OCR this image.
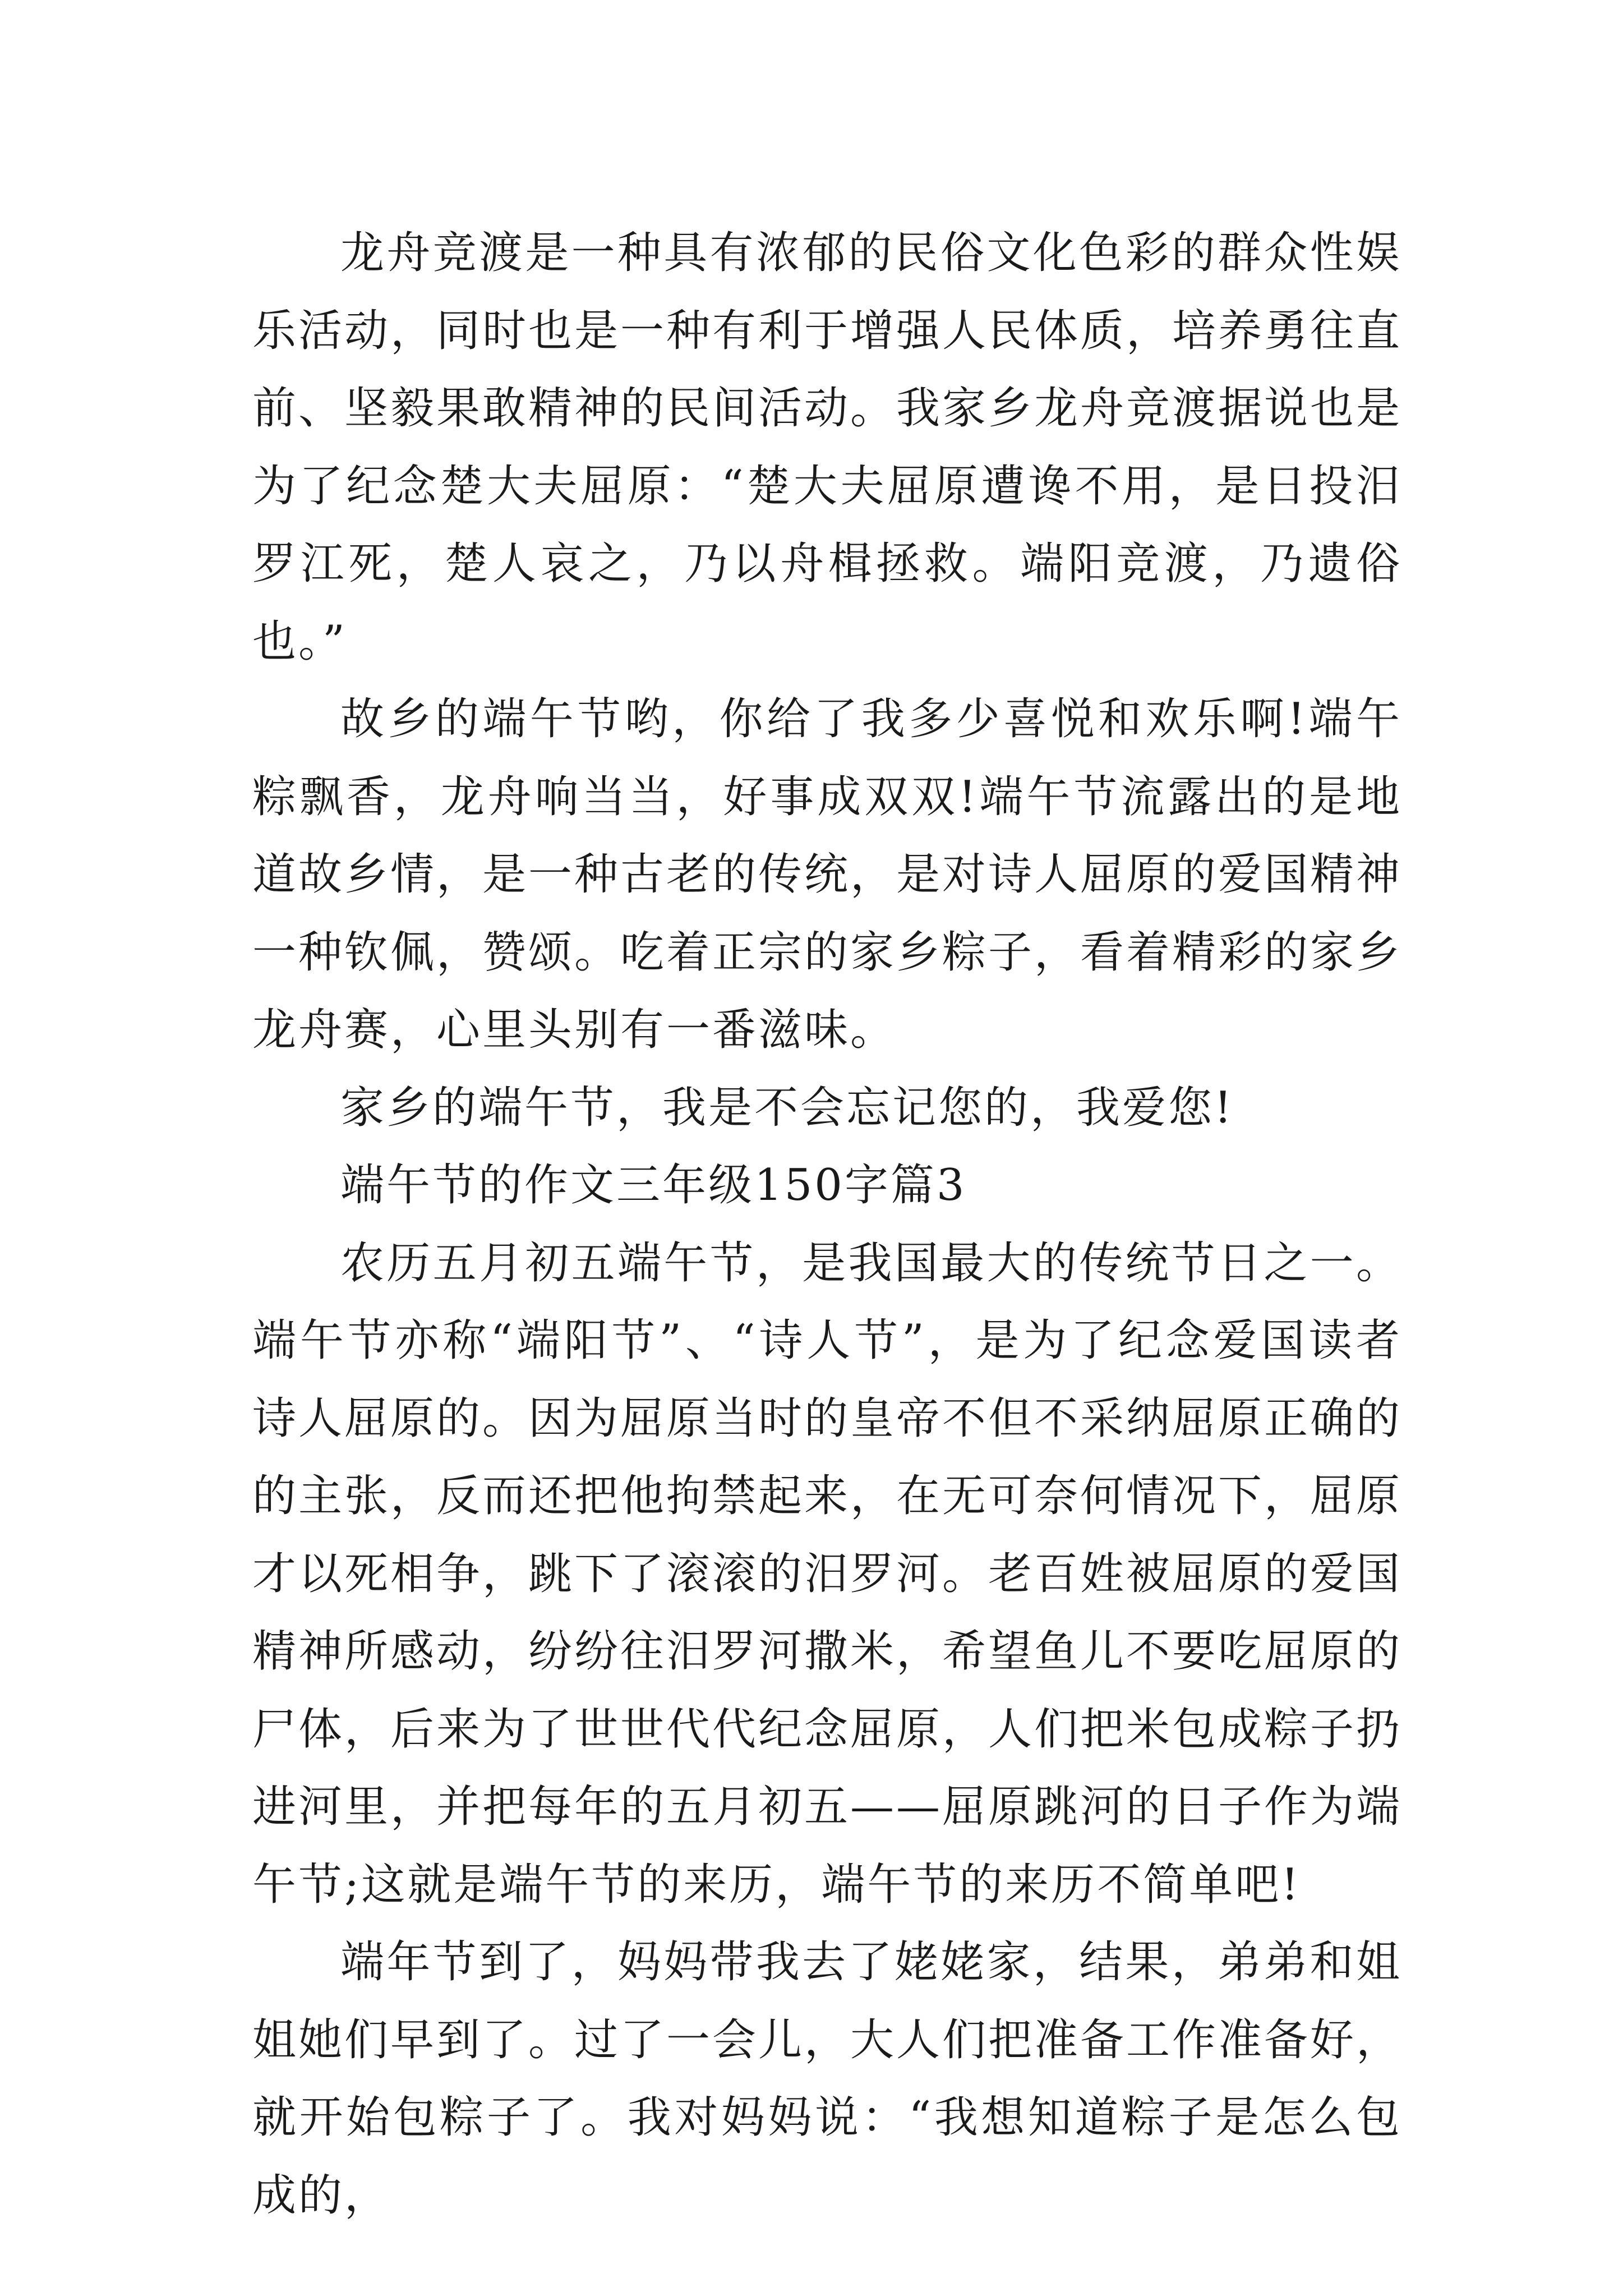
龙舟竞渡是一种具有浓郁的民俗文化色彩的群众性娱乐活动，同时也是一种有利于增强人民体质，培养勇往直前、坚毅果敢精神的民间活动。我家乡龙舟竞渡据说也是为了纪念楚大夫屈原：“楚大夫屈原遭谗不用，是日投汨罗江死，楚人哀之，乃以舟楫拯救。端阳竞渡，乃遗俗也。”

故乡的端午节哟，你给了我多少喜悦和欢乐啊!端午粽飘香，龙舟响当当，好事成双双!端午节流露出的是地道故乡情，是一种古老的传统，是对诗人屈原的爱国精神一种钦佩，赞颂。吃着正宗的家乡粽子，看着精彩的家乡龙舟赛，心里头别有一番滋味。

家乡的端午节，我是不会忘记您的，我爱您!

端午节的作文三年级150字篇3

农历五月初五端午节，是我国最大的传统节日之一。端午节亦称“端阳节”、“诗人节”，是为了纪念爱国读者诗人屈原的。因为屈原当时的皇帝不但不采纳屈原正确的的主张，反而还把他拘禁起来，在无可奈何情况下，屈原才以死相争，跳下了滚滚的汨罗河。老百姓被屈原的爱国精神所感动，纷纷往汨罗河撒米，希望鱼儿不要吃屈原的尸体，后来为了世世代代纪念屈原，人们把米包成粽子扔进河里，并把每年的五月初五——屈原跳河的日子作为端午节;这就是端午节的来历，端午节的来历不简单吧!

端年节到了，妈妈带我去了姥姥家，结果，弟弟和姐姐她们早到了。过了一会儿，大人们把准备工作准备好，就开始包粽子了。我对妈妈说：“我想知道粽子是怎么包成的，
